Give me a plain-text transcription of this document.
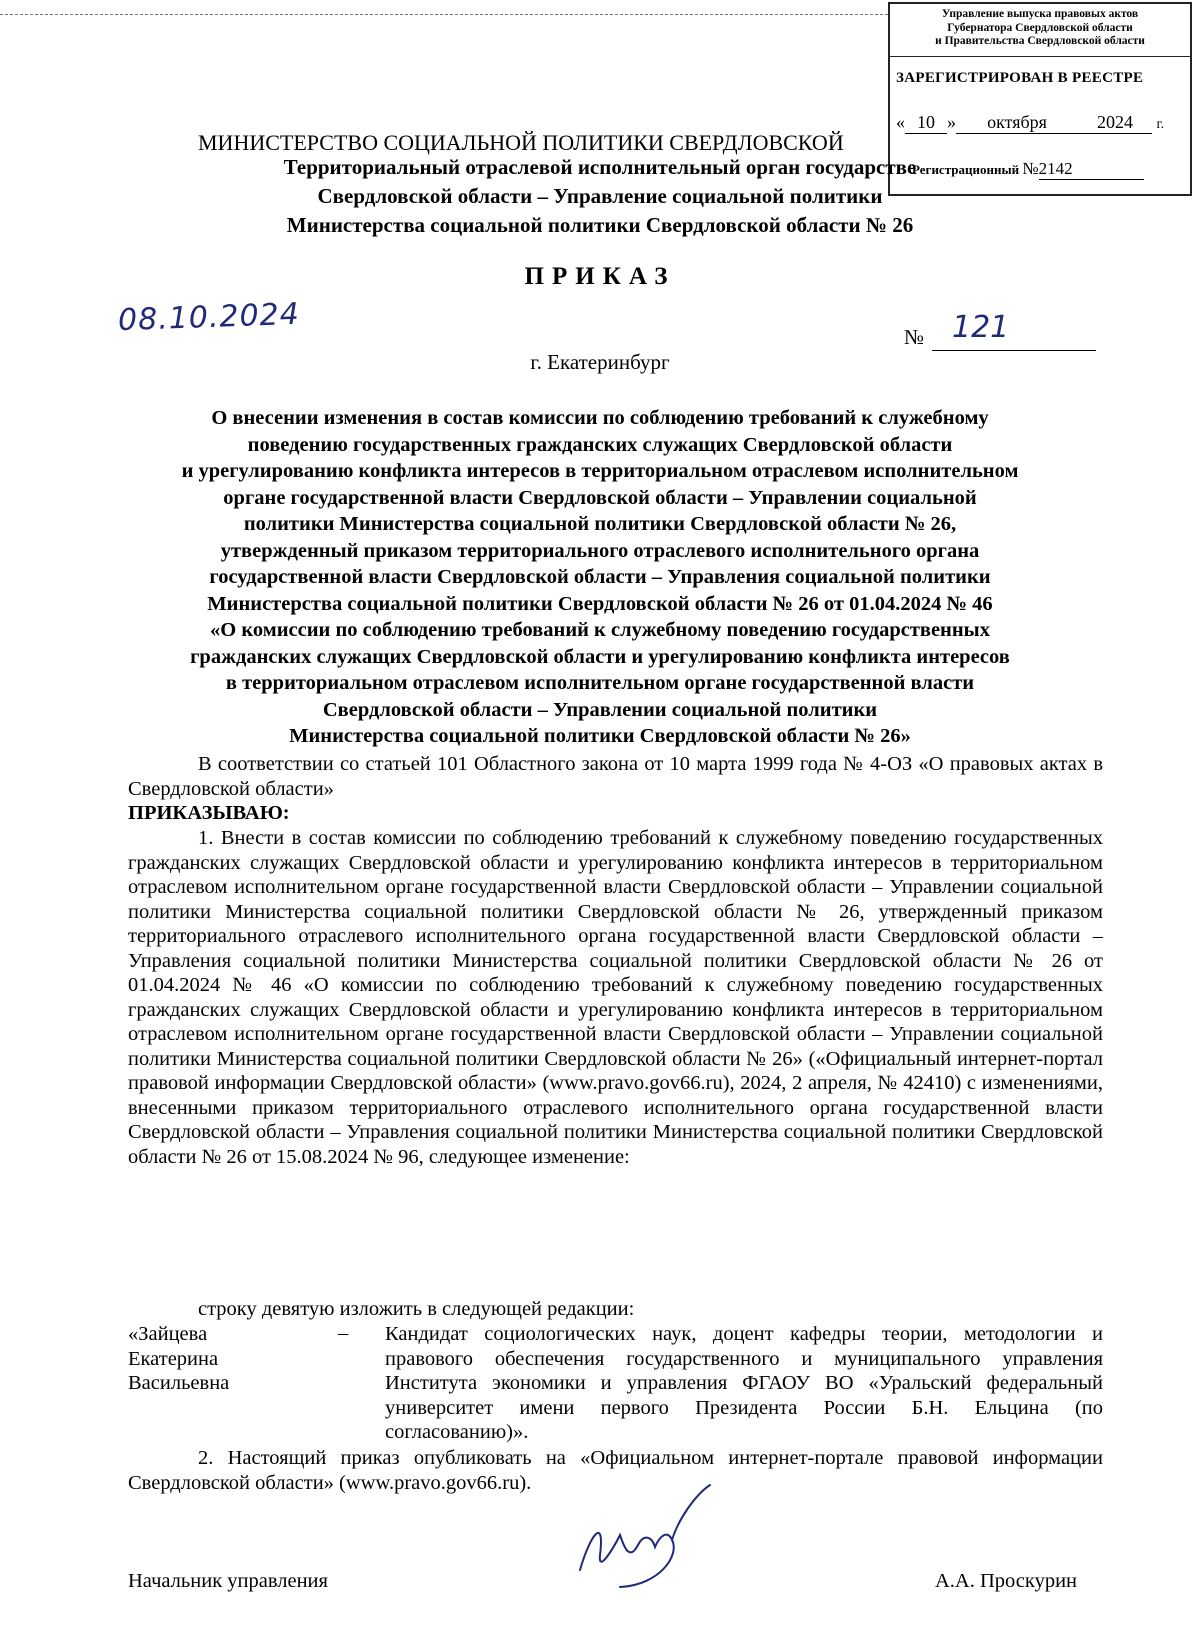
Управление выпуска правовых актов
Губернатора Свердловской области
и Правительства Свердловской области
ЗАРЕГИСТРИРОВАН В РЕЕСТРЕ
« 10 » октября	2024 г.
Регистрационный №2142
МИНИСТЕРСТВО СОЦИАЛЬНОЙ ПОЛИТИКИ СВЕРДЛОВСКОЙ
Территориальный отраслевой исполнительный орган государстве
Свердловской области – Управление социальной политики
Министерства социальной политики Свердловской области № 26
ПРИКАЗ
08.10.2024	№ 121
г. Екатеринбург
О внесении изменения в состав комиссии по соблюдению требований к служебному
поведению государственных гражданских служащих Свердловской области
и урегулированию конфликта интересов в территориальном отраслевом исполнительном
органе государственной власти Свердловской области – Управлении социальной
политики Министерства социальной политики Свердловской области № 26,
утвержденный приказом территориального отраслевого исполнительного органа
государственной власти Свердловской области – Управления социальной политики
Министерства социальной политики Свердловской области № 26 от 01.04.2024 № 46
«О комиссии по соблюдению требований к служебному поведению государственных
гражданских служащих Свердловской области и урегулированию конфликта интересов
в территориальном отраслевом исполнительном органе государственной власти
Свердловской области – Управлении социальной политики
Министерства социальной политики Свердловской области № 26»
В соответствии со статьей 101 Областного закона от 10 марта 1999 года № 4-ОЗ «О правовых актах в Свердловской области»
ПРИКАЗЫВАЮ:
1. Внести в состав комиссии по соблюдению требований к служебному поведению государственных гражданских служащих Свердловской области и урегулированию конфликта интересов в территориальном отраслевом исполнительном органе государственной власти Свердловской области – Управлении социальной политики Министерства социальной политики Свердловской области № 26, утвержденный приказом территориального отраслевого исполнительного органа государственной власти Свердловской области – Управления социальной политики Министерства социальной политики Свердловской области № 26 от 01.04.2024 № 46 «О комиссии по соблюдению требований к служебному поведению государственных гражданских служащих Свердловской области и урегулированию конфликта интересов в территориальном отраслевом исполнительном органе государственной власти Свердловской области – Управлении социальной политики Министерства социальной политики Свердловской области № 26» («Официальный интернет-портал правовой информации Свердловской области» (www.pravo.gov66.ru), 2024, 2 апреля, № 42410) с изменениями, внесенными приказом территориального отраслевого исполнительного органа государственной власти Свердловской области – Управления социальной политики Министерства социальной политики Свердловской области № 26 от 15.08.2024 № 96, следующее изменение:
строку девятую изложить в следующей редакции:
«Зайцева
Екатерина
Васильевна
– Кандидат социологических наук, доцент кафедры теории, методологии и правового обеспечения государственного и муниципального управления Института экономики и управления ФГАОУ ВО «Уральский федеральный университет имени первого Президента России Б.Н. Ельцина (по согласованию)».
2. Настоящий приказ опубликовать на «Официальном интернет-портале правовой информации Свердловской области» (www.pravo.gov66.ru).
Начальник управления	А.А. Проскурин
